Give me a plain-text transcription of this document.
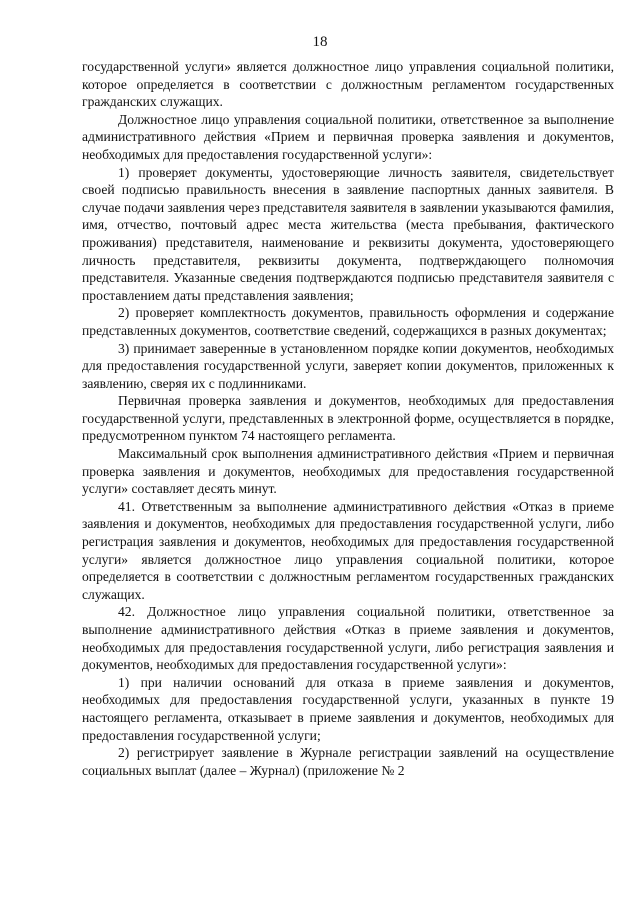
18

государственной услуги» является должностное лицо управления социальной политики, которое определяется в соответствии с должностным регламентом государственных гражданских служащих.

Должностное лицо управления социальной политики, ответственное за выполнение административного действия «Прием и первичная проверка заявления и документов, необходимых для предоставления государственной услуги»:

1) проверяет документы, удостоверяющие личность заявителя, свидетельствует своей подписью правильность внесения в заявление паспортных данных заявителя. В случае подачи заявления через представителя заявителя в заявлении указываются фамилия, имя, отчество, почтовый адрес места жительства (места пребывания, фактического проживания) представителя, наименование и реквизиты документа, удостоверяющего личность представителя, реквизиты документа, подтверждающего полномочия представителя. Указанные сведения подтверждаются подписью представителя заявителя с проставлением даты представления заявления;

2) проверяет комплектность документов, правильность оформления и содержание представленных документов, соответствие сведений, содержащихся в разных документах;

3) принимает заверенные в установленном порядке копии документов, необходимых для предоставления государственной услуги, заверяет копии документов, приложенных к заявлению, сверяя их с подлинниками.

Первичная проверка заявления и документов, необходимых для предоставления государственной услуги, представленных в электронной форме, осуществляется в порядке, предусмотренном пунктом 74 настоящего регламента.

Максимальный срок выполнения административного действия «Прием и первичная проверка заявления и документов, необходимых для предоставления государственной услуги» составляет десять минут.

41. Ответственным за выполнение административного действия «Отказ в приеме заявления и документов, необходимых для предоставления государственной услуги, либо регистрация заявления и документов, необходимых для предоставления государственной услуги» является должностное лицо управления социальной политики, которое определяется в соответствии с должностным регламентом государственных гражданских служащих.

42. Должностное лицо управления социальной политики, ответственное за выполнение административного действия «Отказ в приеме заявления и документов, необходимых для предоставления государственной услуги, либо регистрация заявления и документов, необходимых для предоставления государственной услуги»:

1) при наличии оснований для отказа в приеме заявления и документов, необходимых для предоставления государственной услуги, указанных в пункте 19 настоящего регламента, отказывает в приеме заявления и документов, необходимых для предоставления государственной услуги;

2) регистрирует заявление в Журнале регистрации заявлений на осуществление социальных выплат (далее – Журнал) (приложение № 2
